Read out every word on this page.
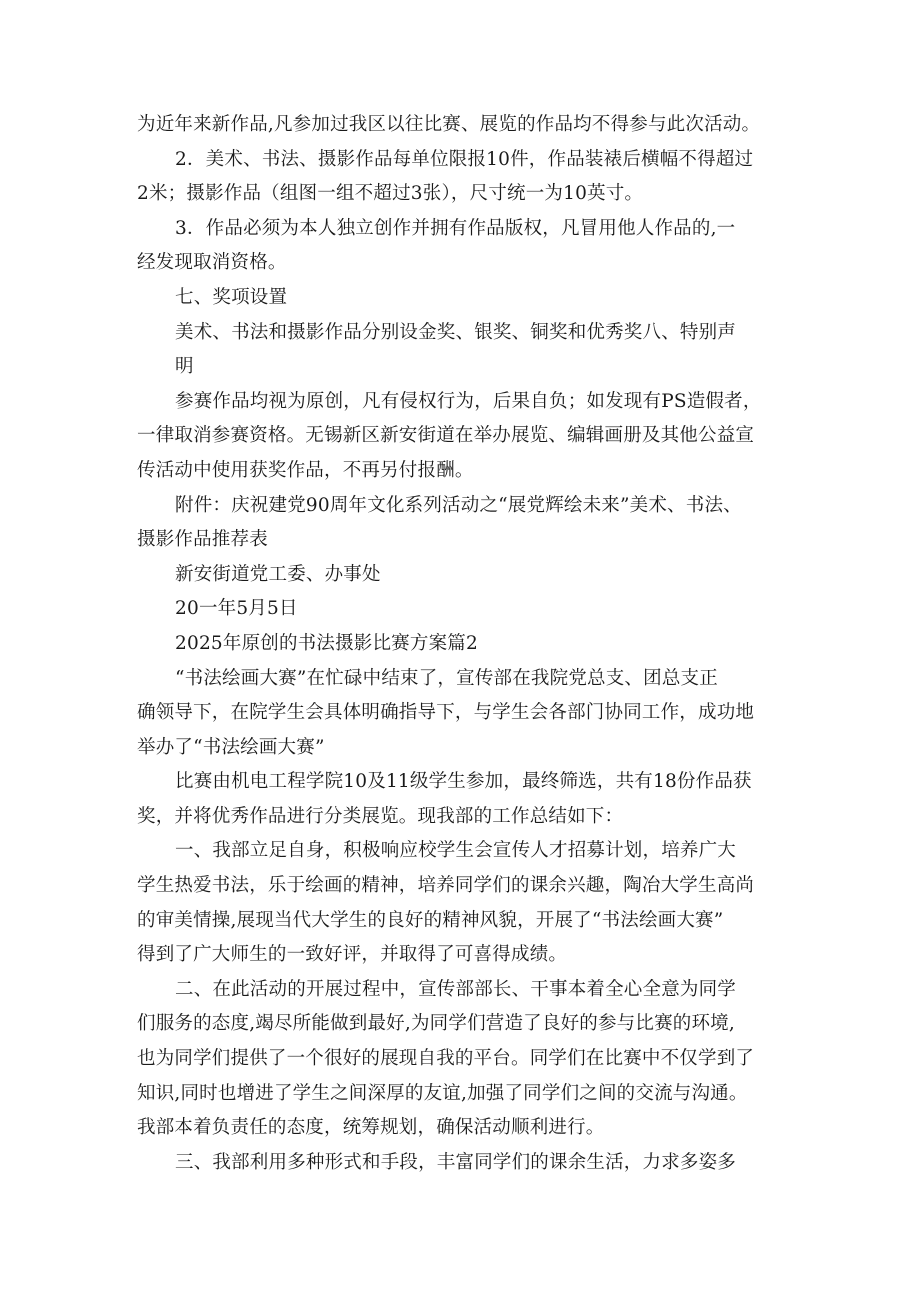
为近年来新作品,凡参加过我区以往比赛、展览的作品均不得参与此次活动。
2．美术、书法、摄影作品每单位限报10件，作品装裱后横幅不得超过
2米；摄影作品（组图一组不超过3张），尺寸统一为10英寸。
3．作品必须为本人独立创作并拥有作品版权，凡冒用他人作品的,一
经发现取消资格。
七、奖项设置
美术、书法和摄影作品分别设金奖、银奖、铜奖和优秀奖八、特别声
明
参赛作品均视为原创，凡有侵权行为，后果自负；如发现有PS造假者，
一律取消参赛资格。无锡新区新安街道在举办展览、编辑画册及其他公益宣
传活动中使用获奖作品，不再另付报酬。
附件：庆祝建党90周年文化系列活动之“展党辉绘未来”美术、书法、
摄影作品推荐表
新安街道党工委、办事处
20一年5月5日
2025年原创的书法摄影比赛方案篇2
“书法绘画大赛”在忙碌中结束了，宣传部在我院党总支、团总支正
确领导下，在院学生会具体明确指导下，与学生会各部门协同工作，成功地
举办了“书法绘画大赛”
比赛由机电工程学院10及11级学生参加，最终筛选，共有18份作品获
奖，并将优秀作品进行分类展览。现我部的工作总结如下：
一、我部立足自身，积极响应校学生会宣传人才招募计划，培养广大
学生热爱书法，乐于绘画的精神，培养同学们的课余兴趣，陶冶大学生高尚
的审美情操,展现当代大学生的良好的精神风貌，开展了“书法绘画大赛”
得到了广大师生的一致好评，并取得了可喜得成绩。
二、在此活动的开展过程中，宣传部部长、干事本着全心全意为同学
们服务的态度,竭尽所能做到最好,为同学们营造了良好的参与比赛的环境,
也为同学们提供了一个很好的展现自我的平台。同学们在比赛中不仅学到了
知识,同时也增进了学生之间深厚的友谊,加强了同学们之间的交流与沟通。
我部本着负责任的态度，统筹规划，确保活动顺利进行。
三、我部利用多种形式和手段，丰富同学们的课余生活，力求多姿多
